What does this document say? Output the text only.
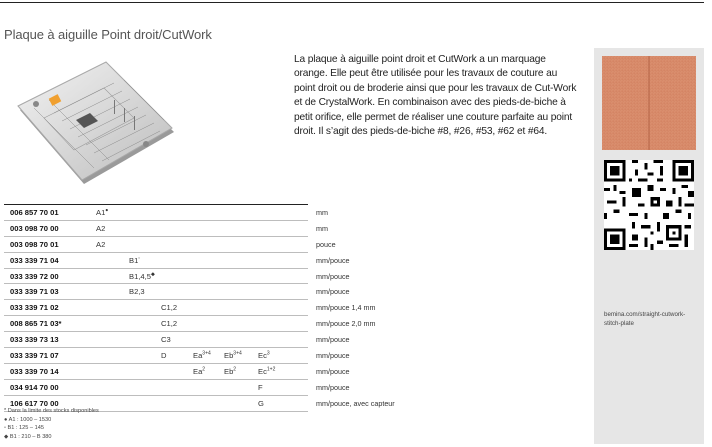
Plaque à aiguille Point droit/CutWork
La plaque à aiguille point droit et CutWork a un marquage orange. Elle peut être utilisée pour les travaux de couture au point droit ou de broderie ainsi que pour les travaux de Cut-Work et de CrystalWork. En combinaison avec des pieds-de-biche à petit orifice, elle permet de réaliser une couture parfaite au point droit. Il s’agit des pieds-de-biche #8, #26, #53, #62 et #64.
bemina.com/straight-cutwork-stitch-plate
006 857 70 01	A1●							mm
003 098 70 00	A2							mm
003 098 70 01	A2							pouce
033 339 71 04		B1▫						mm/pouce
033 339 72 00		B1,4,5◆						mm/pouce
033 339 71 03		B2,3						mm/pouce
033 339 71 02			C1,2					mm/pouce 1,4 mm
008 865 71 03*			C1,2					mm/pouce 2,0 mm
033 339 73 13			C3					mm/pouce
033 339 71 07			D	$Ea^{3+4}$	$Eb^{3+4}$	Ec$^3$		mm/pouce
033 339 70 14				Ea$^2$	Eb$^2$	$Ec^{1+2}$		mm/pouce
034 914 70 00						F		mm/pouce
106 617 70 00						G		mm/pouce, avec capteur
* Dans la limite des stocks disponibles
● A1 : 1000 – 1530
▫ B1 : 125 – 145
◆ B1 : 210 – B 380
